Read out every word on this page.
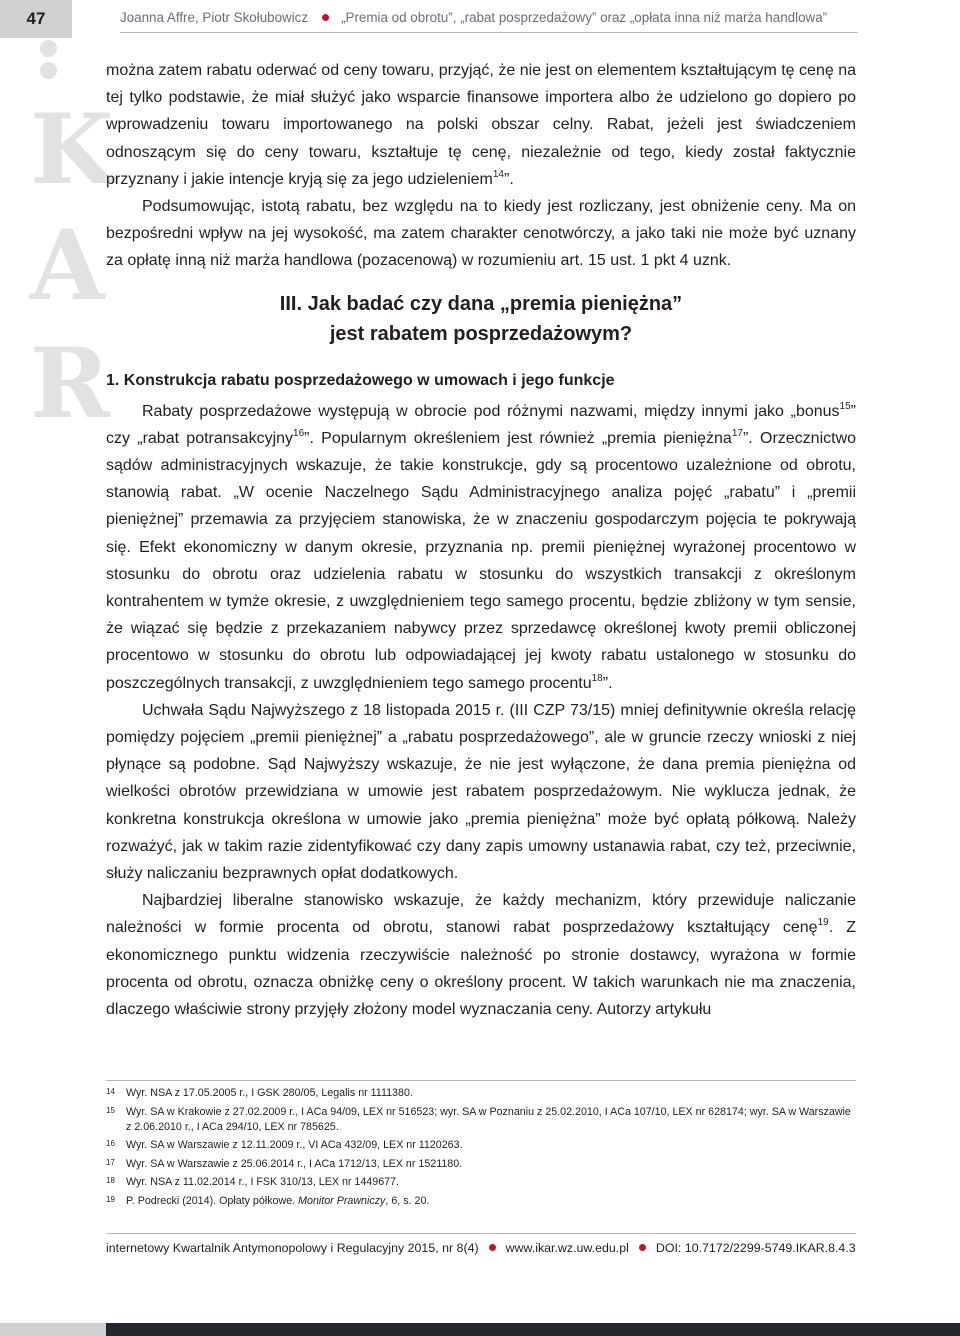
47	Joanna Affre, Piotr Skołubowicz „Premia od obrotu”, „rabat posprzedażowy” oraz „opłata inna niż marża handlowa”
K
A
R

można zatem rabatu oderwać od ceny towaru, przyjąć, że nie jest on elementem kształtującym tę cenę na tej tylko podstawie, że miał służyć jako wsparcie finansowe importera albo że udzielono go dopiero po wprowadzeniu towaru importowanego na polski obszar celny. Rabat, jeżeli jest świadczeniem odnoszącym się do ceny towaru, kształtuje tę cenę, niezależnie od tego, kiedy został faktycznie przyznany i jakie intencje kryją się za jego udzieleniem$^{14}$”.

Podsumowując, istotą rabatu, bez względu na to kiedy jest rozliczany, jest obniżenie ceny. Ma on bezpośredni wpływ na jej wysokość, ma zatem charakter cenotwórczy, a jako taki nie może być uznany za opłatę inną niż marża handlowa (pozacenową) w rozumieniu art. 15 ust. 1 pkt 4 uznk.

III. Jak badać czy dana „premia pieniężna”
jest rabatem posprzedażowym?
1. Konstrukcja rabatu posprzedażowego w umowach i jego funkcje

Rabaty posprzedażowe występują w obrocie pod różnymi nazwami, między innymi jako „bonus$^{15}$” czy „rabat potransakcyjny$^{16}$”. Popularnym określeniem jest również „premia pieniężna$^{17}$”. Orzecznictwo sądów administracyjnych wskazuje, że takie konstrukcje, gdy są procentowo uzależnione od obrotu, stanowią rabat. „W ocenie Naczelnego Sądu Administracyjnego analiza pojęć „rabatu” i „premii pieniężnej” przemawia za przyjęciem stanowiska, że w znaczeniu gospodarczym pojęcia te pokrywają się. Efekt ekonomiczny w danym okresie, przyznania np. premii pieniężnej wyrażonej procentowo w stosunku do obrotu oraz udzielenia rabatu w stosunku do wszystkich transakcji z określonym kontrahentem w tymże okresie, z uwzględnieniem tego samego procentu, będzie zbliżony w tym sensie, że wiązać się będzie z przekazaniem nabywcy przez sprzedawcę określonej kwoty premii obliczonej procentowo w stosunku do obrotu lub odpowiadającej jej kwoty rabatu ustalonego w stosunku do poszczególnych transakcji, z uwzględnieniem tego samego procentu$^{18}$”.

Uchwała Sądu Najwyższego z 18 listopada 2015 r. (III CZP 73/15) mniej definitywnie określa relację pomiędzy pojęciem „premii pieniężnej” a „rabatu posprzedażowego”, ale w gruncie rzeczy wnioski z niej płynące są podobne. Sąd Najwyższy wskazuje, że nie jest wyłączone, że dana premia pieniężna od wielkości obrotów przewidziana w umowie jest rabatem posprzedażowym. Nie wyklucza jednak, że konkretna konstrukcja określona w umowie jako „premia pieniężna” może być opłatą półkową. Należy rozważyć, jak w takim razie zidentyfikować czy dany zapis umowny ustanawia rabat, czy też, przeciwnie, służy naliczaniu bezprawnych opłat dodatkowych.

Najbardziej liberalne stanowisko wskazuje, że każdy mechanizm, który przewiduje naliczanie należności w formie procenta od obrotu, stanowi rabat posprzedażowy kształtujący cenę$^{19}$. Z ekonomicznego punktu widzenia rzeczywiście należność po stronie dostawcy, wyrażona w formie procenta od obrotu, oznacza obniżkę ceny o określony procent. W takich warunkach nie ma znaczenia, dlaczego właściwie strony przyjęły złożony model wyznaczania ceny. Autorzy artykułu

14 Wyr. NSA z 17.05.2005 r., I GSK 280/05, Legalis nr 1111380.
15 Wyr. SA w Krakowie z 27.02.2009 r., I ACa 94/09, LEX nr 516523; wyr. SA w Poznaniu z 25.02.2010, I ACa 107/10, LEX nr 628174; wyr. SA w Warszawie z 2.06.2010 r., I ACa 294/10, LEX nr 785625.
16 Wyr. SA w Warszawie z 12.11.2009 r., VI ACa 432/09, LEX nr 1120263.
17 Wyr. SA w Warszawie z 25.06.2014 r., I ACa 1712/13, LEX nr 1521180.
18 Wyr. NSA z 11.02.2014 r., I FSK 310/13, LEX nr 1449677.
19 P. Podrecki (2014). Opłaty półkowe. Monitor Prawniczy, 6, s. 20.
internetowy Kwartalnik Antymonopolowy i Regulacyjny 2015, nr 8(4) www.ikar.wz.uw.edu.pl DOI: 10.7172/2299-5749.IKAR.8.4.3
